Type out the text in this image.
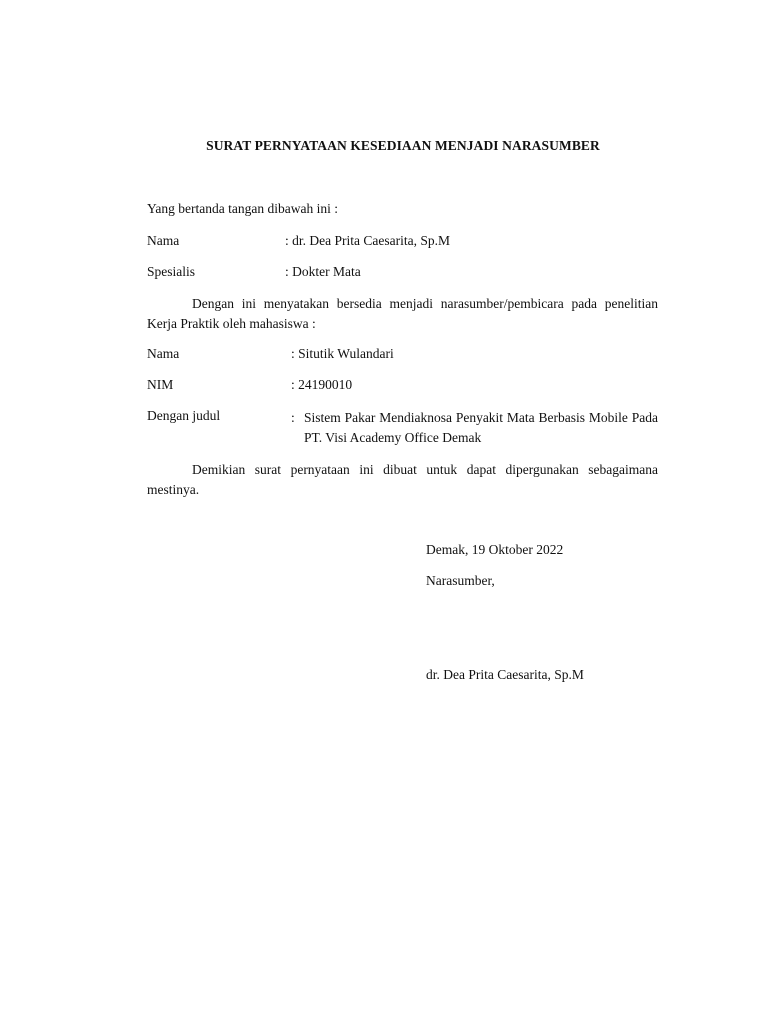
SURAT PERNYATAAN KESEDIAAN MENJADI NARASUMBER
Yang bertanda tangan dibawah ini :
Nama	: dr. Dea Prita Caesarita, Sp.M
Spesialis	: Dokter Mata
Dengan ini menyatakan bersedia menjadi narasumber/pembicara pada penelitian Kerja Praktik oleh mahasiswa :
Nama	: Situtik Wulandari
NIM	: 24190010
Dengan judul	: Sistem Pakar Mendiaknosa Penyakit Mata Berbasis Mobile Pada PT. Visi Academy Office Demak
Demikian surat pernyataan ini dibuat untuk dapat dipergunakan sebagaimana mestinya.
Demak, 19 Oktober 2022
Narasumber,
dr. Dea Prita Caesarita, Sp.M
